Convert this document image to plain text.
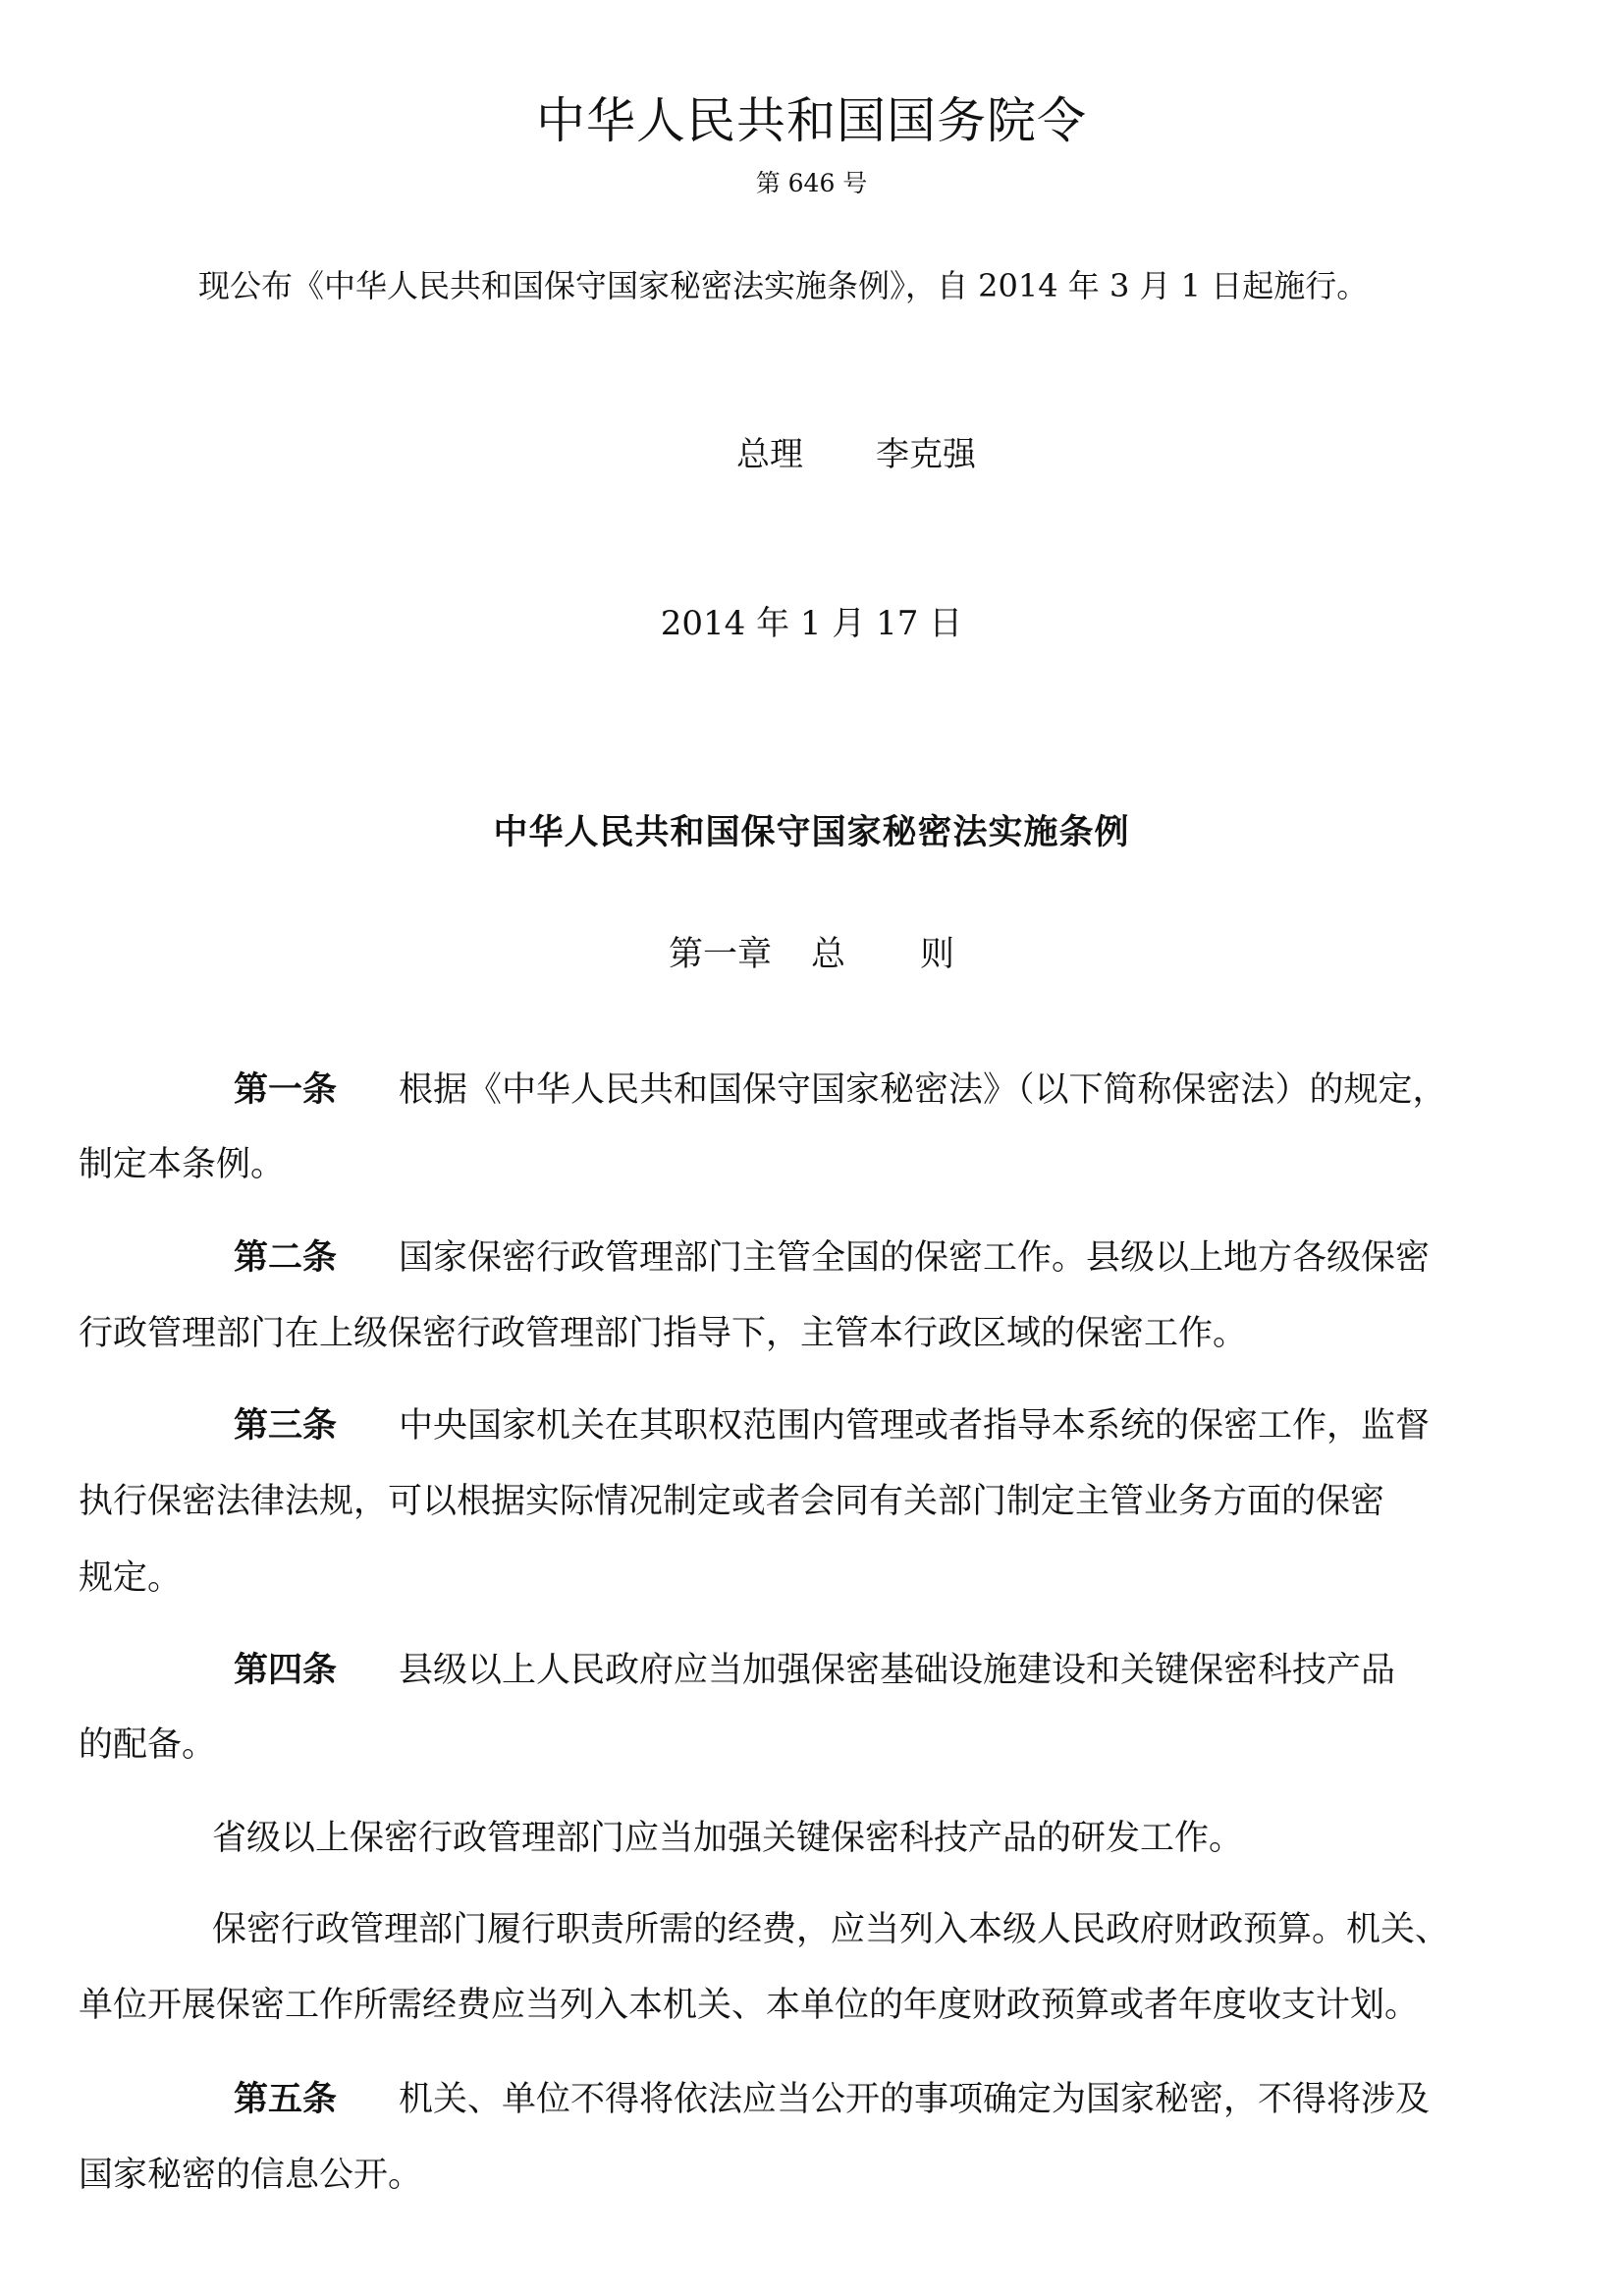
中华人民共和国国务院令
第 646 号
现公布《中华人民共和国保守国家秘密法实施条例》，自 2014 年 3 月 1 日起施行。
总理 李克强
2014 年 1 月 17 日
中华人民共和国保守国家秘密法实施条例
第一章 总 则
第一条 根据《中华人民共和国保守国家秘密法》（以下简称保密法）的规定，
制定本条例。
第二条 国家保密行政管理部门主管全国的保密工作。县级以上地方各级保密
行政管理部门在上级保密行政管理部门指导下，主管本行政区域的保密工作。
第三条 中央国家机关在其职权范围内管理或者指导本系统的保密工作，监督
执行保密法律法规，可以根据实际情况制定或者会同有关部门制定主管业务方面的保密
规定。
第四条 县级以上人民政府应当加强保密基础设施建设和关键保密科技产品
的配备。
省级以上保密行政管理部门应当加强关键保密科技产品的研发工作。
保密行政管理部门履行职责所需的经费，应当列入本级人民政府财政预算。机关、
单位开展保密工作所需经费应当列入本机关、本单位的年度财政预算或者年度收支计划。
第五条 机关、单位不得将依法应当公开的事项确定为国家秘密，不得将涉及
国家秘密的信息公开。
